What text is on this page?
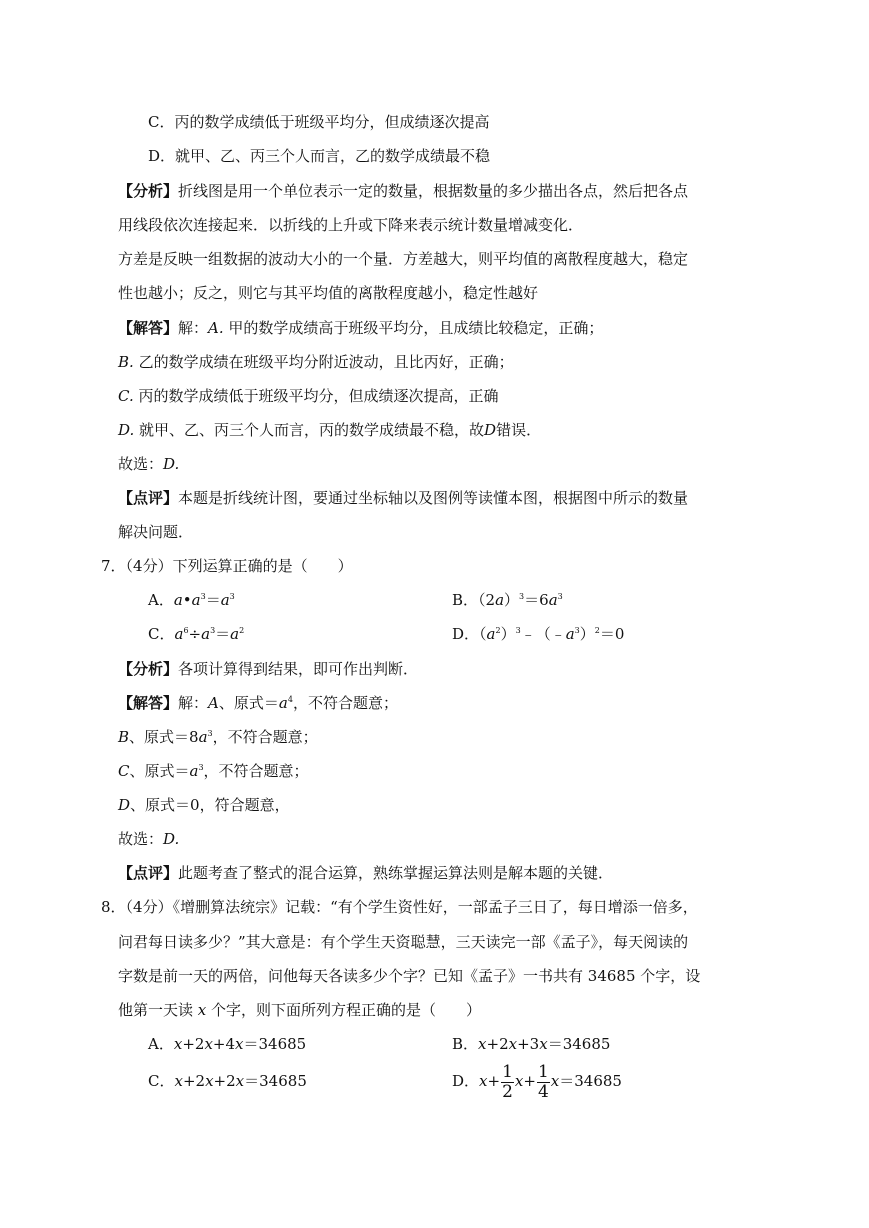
C．丙的数学成绩低于班级平均分，但成绩逐次提高
D．就甲、乙、丙三个人而言，乙的数学成绩最不稳
【分析】折线图是用一个单位表示一定的数量，根据数量的多少描出各点，然后把各点
用线段依次连接起来．以折线的上升或下降来表示统计数量增减变化．
方差是反映一组数据的波动大小的一个量．方差越大，则平均值的离散程度越大，稳定
性也越小；反之，则它与其平均值的离散程度越小，稳定性越好
【解答】解：A. 甲的数学成绩高于班级平均分，且成绩比较稳定，正确；
B. 乙的数学成绩在班级平均分附近波动，且比丙好，正确；
C. 丙的数学成绩低于班级平均分，但成绩逐次提高，正确
D. 就甲、乙、丙三个人而言，丙的数学成绩最不稳，故D错误．
故选：D.
【点评】本题是折线统计图，要通过坐标轴以及图例等读懂本图，根据图中所示的数量
解决问题．
7．（4分）下列运算正确的是（　　）
A．$a•a^3=a^3$	B．$(2a)^3=6a^3$
C．$a^6\div a^3=a^2$	D．$(a^2)^3﹣(﹣a^3)^2=0$
【分析】各项计算得到结果，即可作出判断．
【解答】解：A、原式$=a^4$，不符合题意；
B、原式$=8a^3$，不符合题意；
C、原式$=a^3$，不符合题意；
D、原式＝0，符合题意，
故选：D.
【点评】此题考查了整式的混合运算，熟练掌握运算法则是解本题的关键．
8．（4分）《增删算法统宗》记载：“有个学生资性好，一部孟子三日了，每日增添一倍多，
问君每日读多少？”其大意是：有个学生天资聪慧，三天读完一部《孟子》，每天阅读的
字数是前一天的两倍，问他每天各读多少个字？已知《孟子》一书共有 34685 个字，设
他第一天读 x 个字，则下面所列方程正确的是（　　）
A．x+2x+4x＝34685	B．x+2x+3x＝34685
C．x+2x+2x＝34685	D．$x+ \frac{1}{2} x+ \frac{1}{4} x=34685$
